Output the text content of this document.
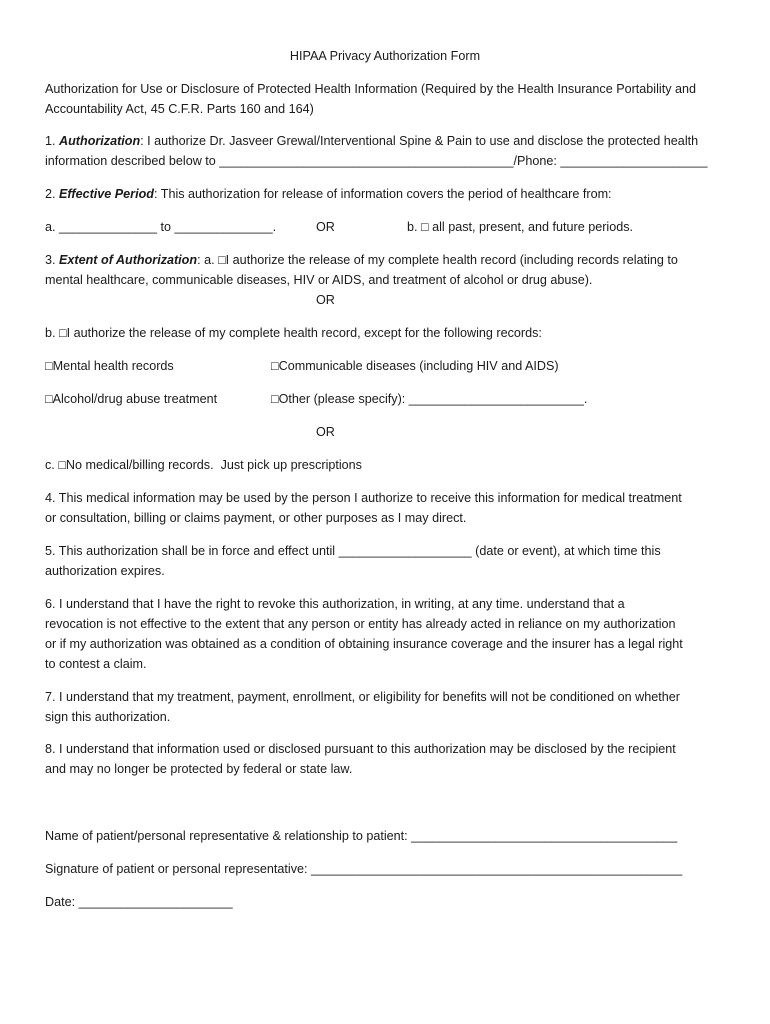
HIPAA Privacy Authorization Form
Authorization for Use or Disclosure of Protected Health Information (Required by the Health Insurance Portability and
Accountability Act, 45 C.F.R. Parts 160 and 164)
1. Authorization: I authorize Dr. Jasveer Grewal/Interventional Spine & Pain to use and disclose the protected health
information described below to __________________________________________/Phone: _____________________
2. Effective Period: This authorization for release of information covers the period of healthcare from:
a. ______________ to ______________.	OR	b. □ all past, present, and future periods.
3. Extent of Authorization: a. □I authorize the release of my complete health record (including records relating to
mental healthcare, communicable diseases, HIV or AIDS, and treatment of alcohol or drug abuse).
OR
b. □I authorize the release of my complete health record, except for the following records:
□Mental health records	□Communicable diseases (including HIV and AIDS)
□Alcohol/drug abuse treatment	□Other (please specify): _________________________.
OR
c. □No medical/billing records.  Just pick up prescriptions
4. This medical information may be used by the person I authorize to receive this information for medical treatment
or consultation, billing or claims payment, or other purposes as I may direct.
5. This authorization shall be in force and effect until ___________________ (date or event), at which time this
authorization expires.
6. I understand that I have the right to revoke this authorization, in writing, at any time. understand that a
revocation is not effective to the extent that any person or entity has already acted in reliance on my authorization
or if my authorization was obtained as a condition of obtaining insurance coverage and the insurer has a legal right
to contest a claim.
7. I understand that my treatment, payment, enrollment, or eligibility for benefits will not be conditioned on whether
sign this authorization.
8. I understand that information used or disclosed pursuant to this authorization may be disclosed by the recipient
and may no longer be protected by federal or state law.
Name of patient/personal representative & relationship to patient: ______________________________________
Signature of patient or personal representative: _____________________________________________________
Date: ______________________
